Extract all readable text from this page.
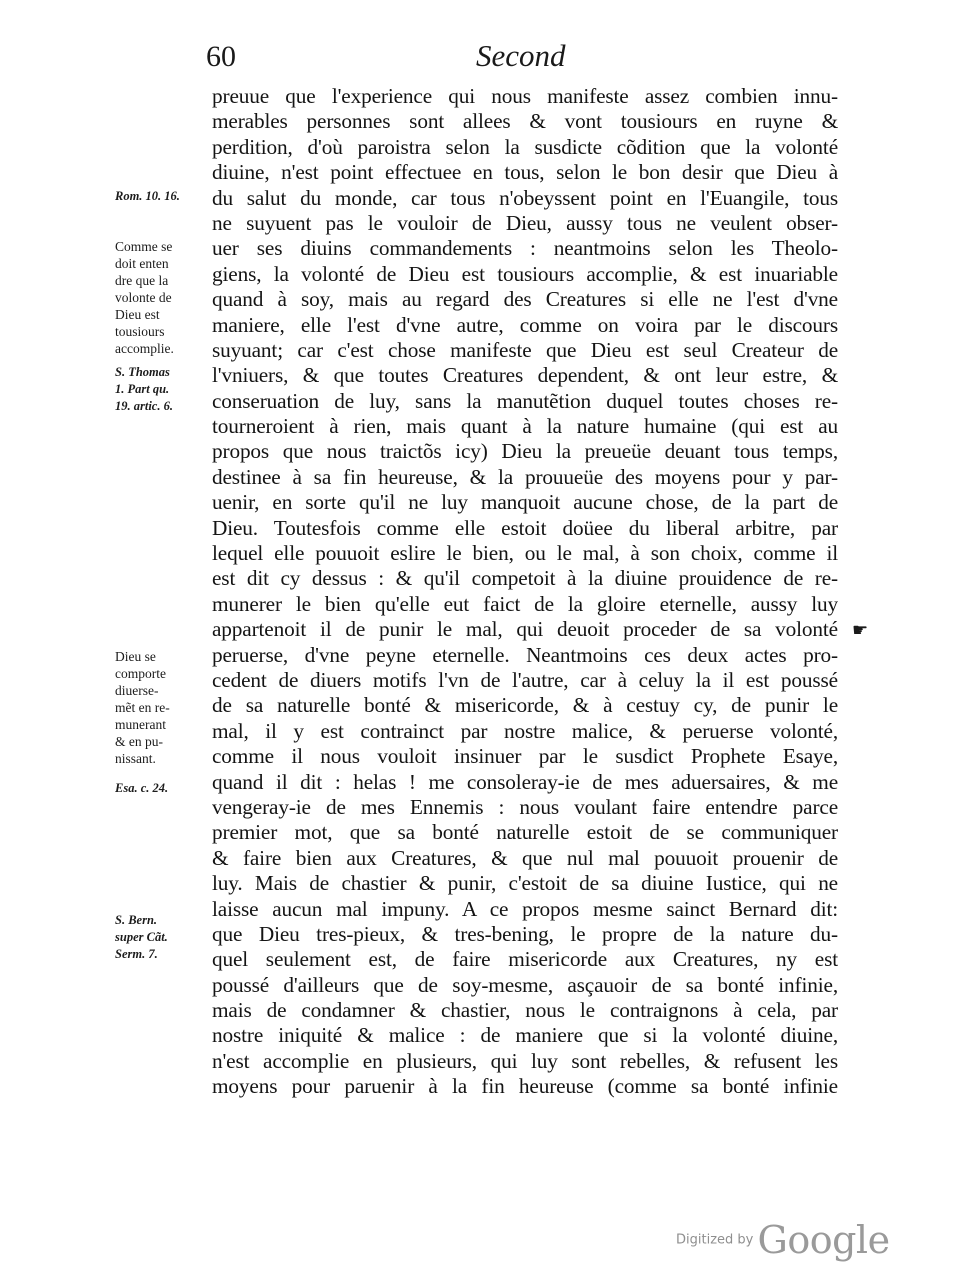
60	Second
Rom. 10. 16.
Comme se
doit enten
dre que la
volonte de
Dieu est
tousiours
accomplie.
S. Thomas
1. Part qu.
19. artic. 6.
Dieu se
comporte
diuerse-
mẽt en re-
munerant
& en pu-
nissant.
Esa. c. 24.
S. Bern.
super Cãt.
Serm. 7.
preuue que l'experience qui nous manifeste assez combien innu-
merables personnes sont allees & vont tousiours en ruyne &
perdition, d'où paroistra selon la susdicte cõdition que la volonté
diuine, n'est point effectuee en tous, selon le bon desir que Dieu à
du salut du monde, car tous n'obeyssent point en l'Euangile, tous
ne suyuent pas le vouloir de Dieu, aussy tous ne veulent obser-
uer ses diuins commandements : neantmoins selon les Theolo-
giens, la volonté de Dieu est tousiours accomplie, & est inuariable
quand à soy, mais au regard des Creatures si elle ne l'est d'vne
maniere, elle l'est d'vne autre, comme on voira par le discours
suyuant; car c'est chose manifeste que Dieu est seul Createur de
l'vniuers, & que toutes Creatures dependent, & ont leur estre, &
conseruation de luy, sans la manutẽtion duquel toutes choses re-
tourneroient à rien, mais quant à la nature humaine (qui est au
propos que nous traictõs icy) Dieu la preueüe deuant tous temps,
destinee à sa fin heureuse, & la prouueüe des moyens pour y par-
uenir, en sorte qu'il ne luy manquoit aucune chose, de la part de
Dieu. Toutesfois comme elle estoit doüee du liberal arbitre, par
lequel elle pouuoit eslire le bien, ou le mal, à son choix, comme il
est dit cy dessus : & qu'il competoit à la diuine prouidence de re-
munerer le bien qu'elle eut faict de la gloire eternelle, aussy luy
appartenoit il de punir le mal, qui deuoit proceder de sa volonté
peruerse, d'vne peyne eternelle. Neantmoins ces deux actes pro-
cedent de diuers motifs l'vn de l'autre, car à celuy la il est poussé
de sa naturelle bonté & misericorde, & à cestuy cy, de punir le
mal, il y est contrainct par nostre malice, & peruerse volonté,
comme il nous vouloit insinuer par le susdict Prophete Esaye,
quand il dit : helas ! me consoleray-ie de mes aduersaires, & me
vengeray-ie de mes Ennemis : nous voulant faire entendre parce
premier mot, que sa bonté naturelle estoit de se communiquer
& faire bien aux Creatures, & que nul mal pouuoit prouenir de
luy. Mais de chastier & punir, c'estoit de sa diuine Iustice, qui ne
laisse aucun mal impuny. A ce propos mesme sainct Bernard dit:
que Dieu tres-pieux, & tres-bening, le propre de la nature du-
quel seulement est, de faire misericorde aux Creatures, ny est
poussé d'ailleurs que de soy-mesme, asçauoir de sa bonté infinie,
mais de condamner & chastier, nous le contraignons à cela, par
nostre iniquité & malice : de maniere que si la volonté diuine,
n'est accomplie en plusieurs, qui luy sont rebelles, & refusent les
moyens pour paruenir à la fin heureuse (comme sa bonté infinie
☛
Digitized by Google
